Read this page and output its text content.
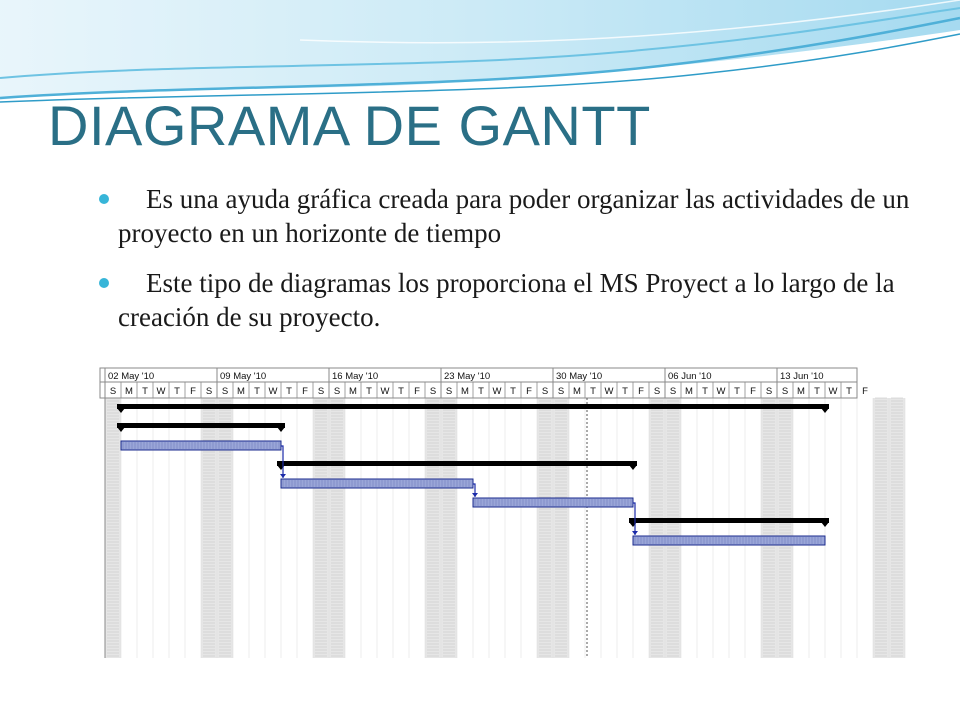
DIAGRAMA DE GANTT
Es una ayuda gráfica creada para poder organizar las actividades de un proyecto en un horizonte de tiempo
Este tipo de diagramas los proporciona el MS Proyect a lo largo de la creación de su proyecto.
02 May '10	09 May '10	16 May '10	23 May '10	30 May '10	06 Jun '10	13 Jun '10
S M T W T F S S M T W T F S S M T W T F S S M T W T F S S M T W T F S S M T W T F S S M T W T F
